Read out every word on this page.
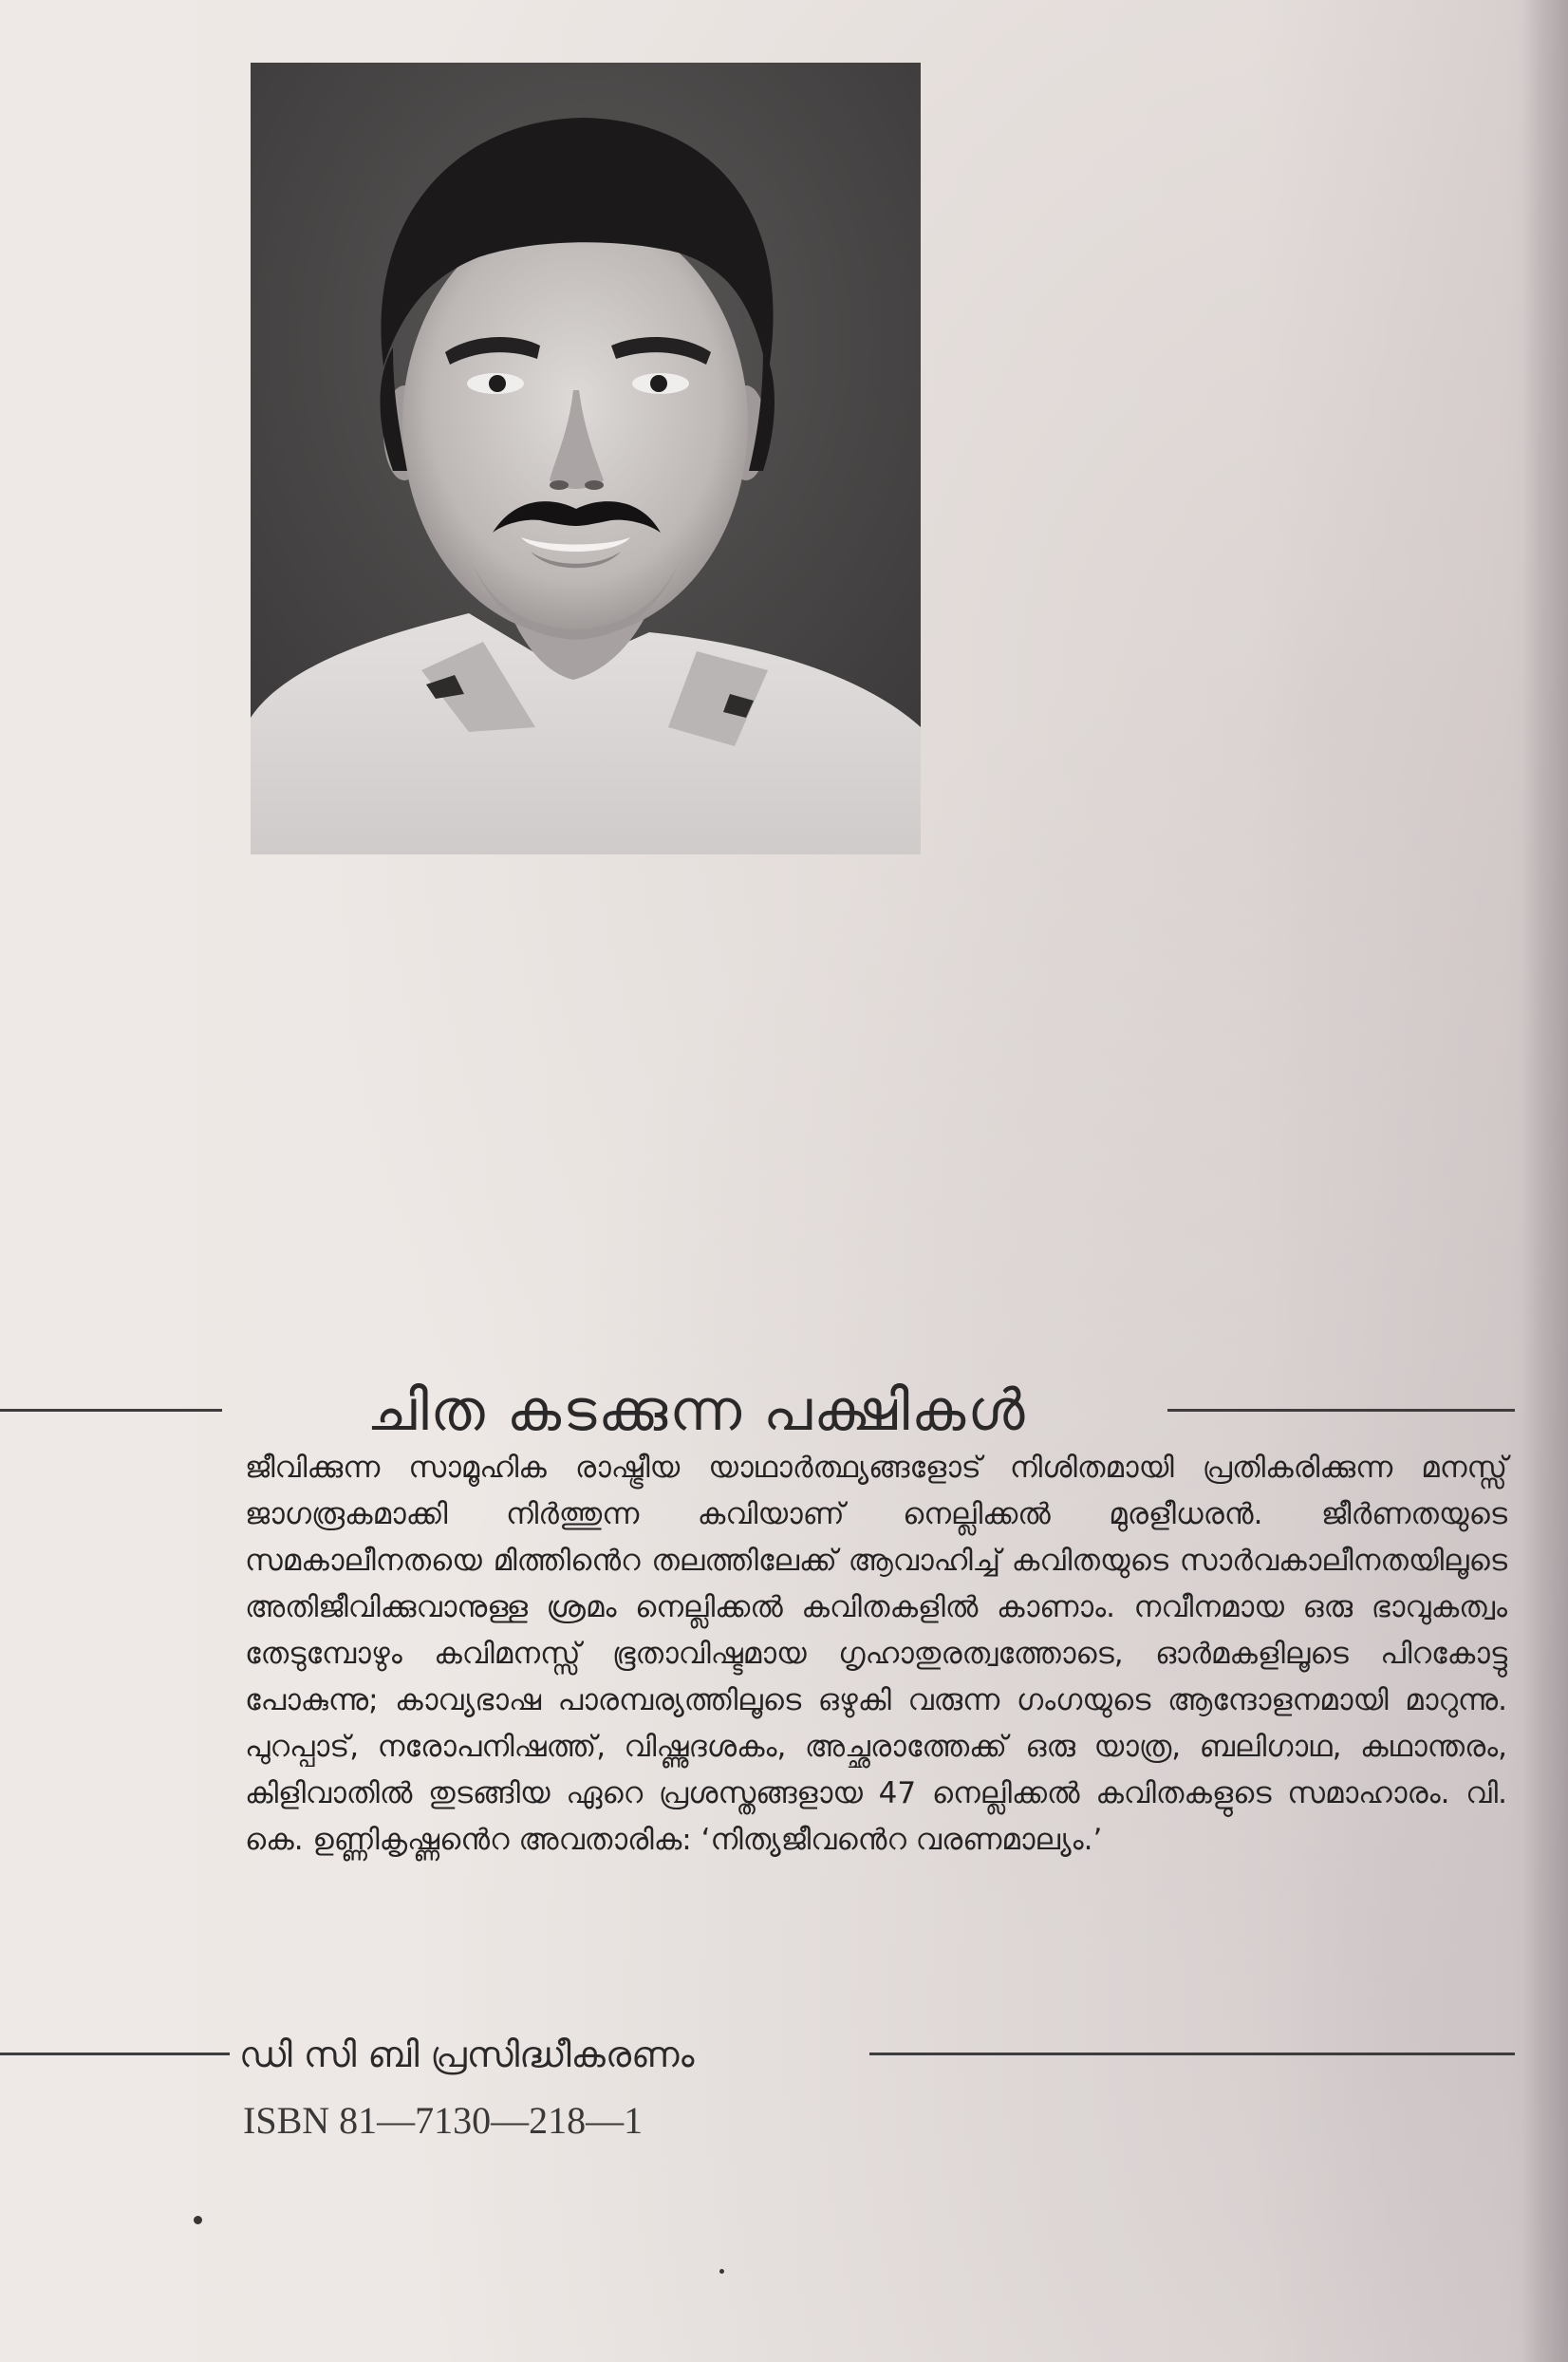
ചിത കടക്കുന്ന പക്ഷികൾ
ജീവിക്കുന്ന സാമൂഹിക രാഷ്ട്രീയ യാഥാർത്ഥ്യങ്ങളോട് നിശിതമായി പ്രതികരിക്കുന്ന മനസ്സ് ജാഗരൂകമാക്കി നിർത്തുന്ന കവിയാണ് നെല്ലിക്കൽ മുരളീധരൻ. ജീർണതയുടെ സമകാലീനതയെ മിത്തിൻെറ തലത്തിലേക്ക് ആവാഹിച്ച് കവിതയുടെ സാർവകാലീനതയിലൂടെ അതിജീവിക്കുവാനുള്ള ശ്രമം നെല്ലിക്കൽ കവിതകളിൽ കാണാം. നവീനമായ ഒരു ഭാവുകത്വം തേടുമ്പോഴും കവിമനസ്സ് ഭൂതാവിഷ്ടമായ ഗൃഹാതുരത്വത്തോടെ, ഓർമകളിലൂടെ പിറകോട്ടു പോകുന്നു; കാവ്യഭാഷ പാരമ്പര്യത്തിലൂടെ ഒഴുകി വരുന്ന ഗംഗയുടെ ആന്ദോളനമായി മാറുന്നു. പുറപ്പാട്, നരോപനിഷത്ത്, വിഷ്ണുദശകം, അച്ഛരാത്തേക്ക് ഒരു യാത്ര, ബലിഗാഥ, കഥാന്തരം, കിളിവാതിൽ തുടങ്ങിയ ഏറെ പ്രശസ്തങ്ങളായ 47 നെല്ലിക്കൽ കവിതകളുടെ സമാഹാരം. വി. കെ. ഉണ്ണികൃഷ്ണൻെറ അവതാരിക: ‘നിത്യജീവൻെറ വരണമാല്യം.’
ഡി സി ബി പ്രസിദ്ധീകരണം
ISBN 81—7130—218—1
